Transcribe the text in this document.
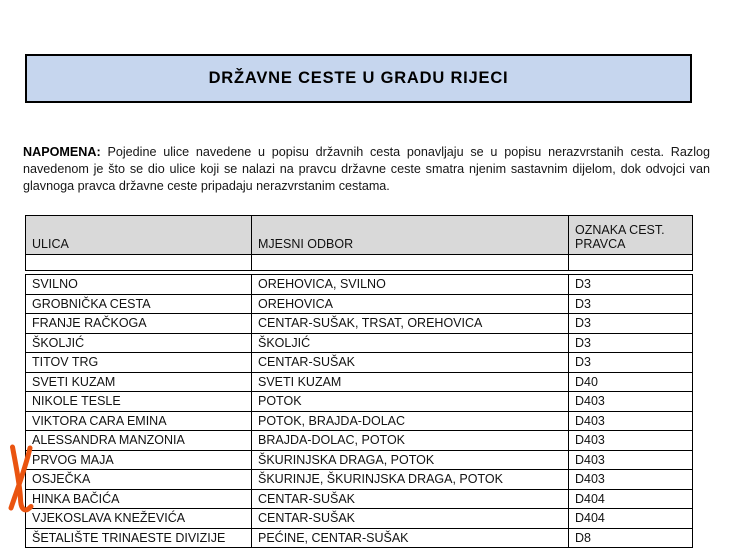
DRŽAVNE CESTE U GRADU RIJECI

NAPOMENA: Pojedine ulice navedene u popisu državnih cesta ponavljaju se u popisu nerazvrstanih cesta. Razlog navedenom je što se dio ulice koji se nalazi na pravcu državne ceste smatra njenim sastavnim dijelom, dok odvojci van glavnoga pravca državne ceste pripadaju nerazvrstanim cestama.

ULICA	MJESNI ODBOR	OZNAKA CEST. PRAVCA

SVILNO	OREHOVICA, SVILNO	D3
GROBNIČKA CESTA	OREHOVICA	D3
FRANJE RAČKOGA	CENTAR-SUŠAK, TRSAT, OREHOVICA	D3
ŠKOLJIĆ	ŠKOLJIĆ	D3
TITOV TRG	CENTAR-SUŠAK	D3
SVETI KUZAM	SVETI KUZAM	D40
NIKOLE TESLE	POTOK	D403
VIKTORA CARA EMINA	POTOK, BRAJDA-DOLAC	D403
ALESSANDRA MANZONIA	BRAJDA-DOLAC, POTOK	D403
PRVOG MAJA	ŠKURINJSKA DRAGA, POTOK	D403
OSJEČKA	ŠKURINJE, ŠKURINJSKA DRAGA, POTOK	D403
HINKA BAČIĆA	CENTAR-SUŠAK	D404
VJEKOSLAVA KNEŽEVIĆA	CENTAR-SUŠAK	D404
ŠETALIŠTE TRINAESTE DIVIZIJE	PEĆINE, CENTAR-SUŠAK	D8
